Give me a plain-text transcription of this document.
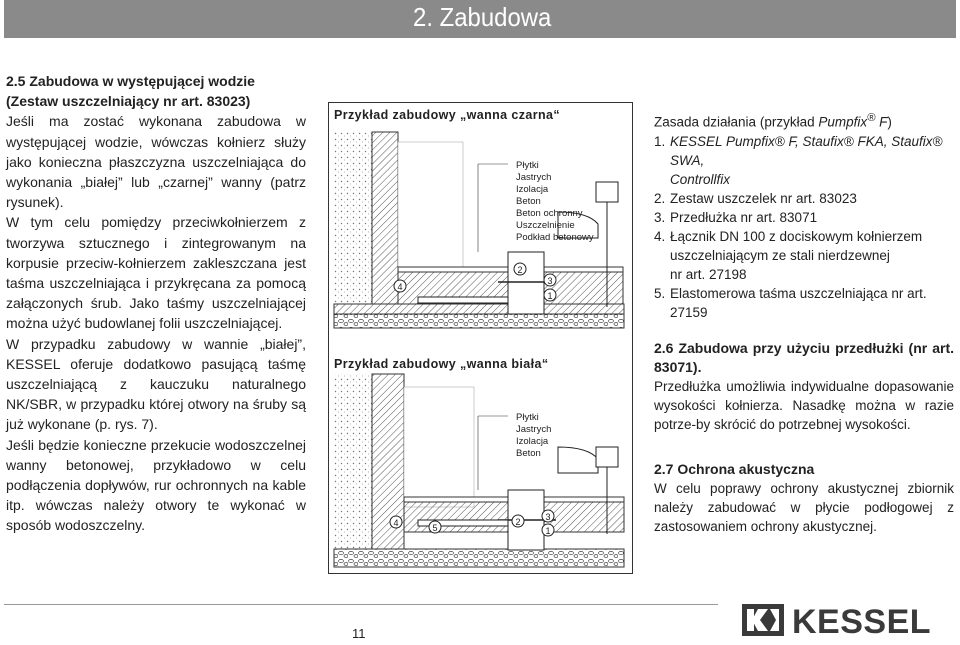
2. Zabudowa

2.5 Zabudowa w występującej wodzie
(Zestaw uszczelniający nr art. 83023)

Jeśli ma zostać wykonana zabudowa w występującej wodzie, wówczas kołnierz służy jako konieczna płaszczyzna uszczelniająca do wykonania „białej” lub „czarnej” wanny (patrz rysunek).

W tym celu pomiędzy przeciwkołnierzem z tworzywa sztucznego i zintegrowanym na korpusie przeciw-kołnierzem zakleszczana jest taśma uszczelniająca i przykręcana za pomocą załączonych śrub. Jako taśmy uszczelniającej można użyć budowlanej folii uszczelniającej.

W przypadku zabudowy w wannie „białej”, KESSEL oferuje dodatkowo pasującą taśmę uszczelniającą z kauczuku naturalnego NK/SBR, w przypadku której otwory na śruby są już wykonane (p. rys. 7).

Jeśli będzie konieczne przekucie wodoszczelnej wanny betonowej, przykładowo w celu podłączenia dopływów, rur ochronnych na kable itp. wówczas należy otwory te wykonać w sposób wodoszczelny.

Przykład zabudowy „wanna czarna“
Przykład zabudowy „wanna biała“
Płytki
Jastrych
Izolacja
Beton
Beton ochronny
Uszczelnienie
Podkład betonowy
Płytki
Jastrych
Izolacja
Beton
4
2
3
1
4	5
2	3
1

Zasada działania (przykład Pumpfix® F)

1. KESSEL Pumpfix® F, Staufix® FKA, Staufix® SWA,
Controllfix
2. Zestaw uszczelek nr art. 83023
3. Przedłużka nr art. 83071
4. Łącznik DN 100 z dociskowym kołnierzem
uszczelniającym ze stali nierdzewnej
nr art. 27198
5. Elastomerowa taśma uszczelniająca nr art. 27159

2.6 Zabudowa przy użyciu przedłużki (nr art. 83071).

Przedłużka umożliwia indywidualne dopasowanie wysokości kołnierza. Nasadkę można w razie potrze-by skrócić do potrzebnej wysokości.

2.7 Ochrona akustyczna

W celu poprawy ochrony akustycznej zbiornik należy zabudować w płycie podłogowej z zastosowaniem ochrony akustycznej.

11	KESSEL
